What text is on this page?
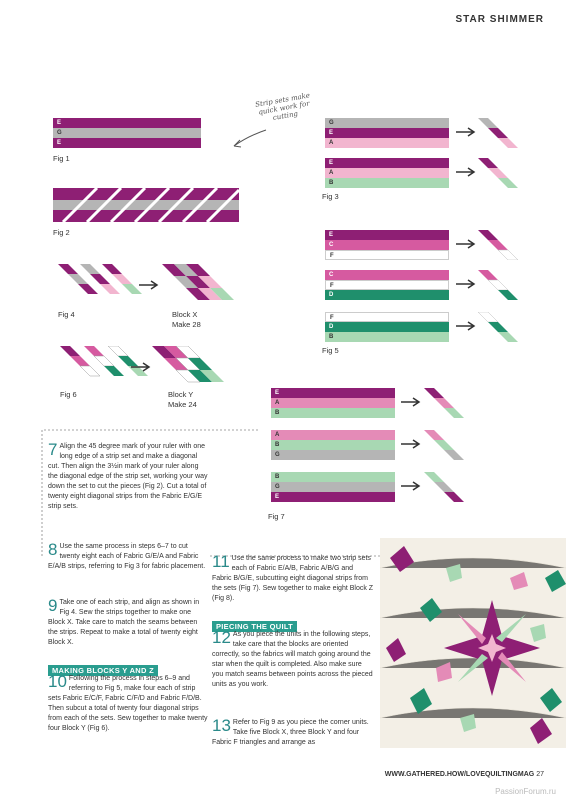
STAR SHIMMER
Strip sets make quick work for cutting
E
G
E
Fig 1
Fig 2
G
E
A
E
A
B
Fig 3
Fig 4	Block X
Make 28
E
C
F
C
F
D
F
D
B
Fig 5
Fig 6	Block Y
Make 24
E
A
B
A
B
G
B
G
E
Fig 7
7 Align the 45 degree mark of your ruler with one long edge of a strip set and make a diagonal cut. Then align the 3½in mark of your ruler along the diagonal edge of the strip set, working your way down the set to cut the pieces (Fig 2). Cut a total of twenty eight diagonal strips from the Fabric E/G/E strip sets.
8 Use the same process in steps 6–7 to cut twenty eight each of Fabric G/E/A and Fabric E/A/B strips, referring to Fig 3 for fabric placement.
9 Take one of each strip, and align as shown in Fig 4. Sew the strips together to make one Block X. Take care to match the seams between the strips. Repeat to make a total of twenty eight Block X.
MAKING BLOCKS Y AND Z
10 Following the process in steps 6–9 and referring to Fig 5, make four each of strip sets Fabric E/C/F, Fabric C/F/D and Fabric F/D/B. Then subcut a total of twenty four diagonal strips from each of the sets. Sew together to make twenty four Block Y (Fig 6).
11 Use the same process to make two strip sets each of Fabric E/A/B, Fabric A/B/G and Fabric B/G/E, subcutting eight diagonal strips from the sets (Fig 7). Sew together to make eight Block Z (Fig 8).
PIECING THE QUILT
12 As you piece the units in the following steps, take care that the blocks are oriented correctly, so the fabrics will match going around the star when the quilt is completed. Also make sure you match seams between points across the pieced units as you work.
13 Refer to Fig 9 as you piece the corner units. Take five Block X, three Block Y and four Fabric F triangles and arrange as
WWW.GATHERED.HOW/LOVEQUILTINGMAG 27
PassionForum.ru
